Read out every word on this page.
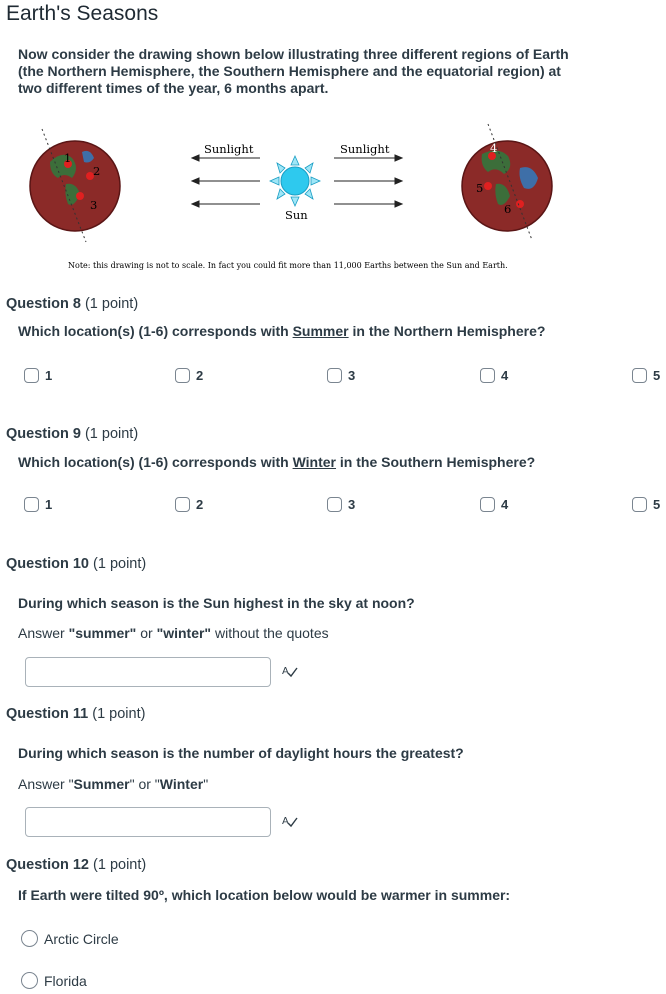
Earth's Seasons
Now consider the drawing shown below illustrating three different regions of Earth (the Northern Hemisphere, the Southern Hemisphere and the equatorial region) at two different times of the year, 6 months apart.
1
2
3
Sunlight
Sun
Sunlight	4
5
6
Note: this drawing is not to scale. In fact you could fit more than 11,000 Earths between the Sun and Earth.
Question 8 (1 point)
Which location(s) (1-6) corresponds with Summer in the Northern Hemisphere?
1	2	3	4	5
Question 9 (1 point)
Which location(s) (1-6) corresponds with Winter in the Southern Hemisphere?
1	2	3	4	5
Question 10 (1 point)
During which season is the Sun highest in the sky at noon?
Answer "summer" or "winter" without the quotes
A
Question 11 (1 point)
During which season is the number of daylight hours the greatest?
Answer "Summer" or "Winter"
A
Question 12 (1 point)
If Earth were tilted 90º, which location below would be warmer in summer:
Arctic Circle
Florida
